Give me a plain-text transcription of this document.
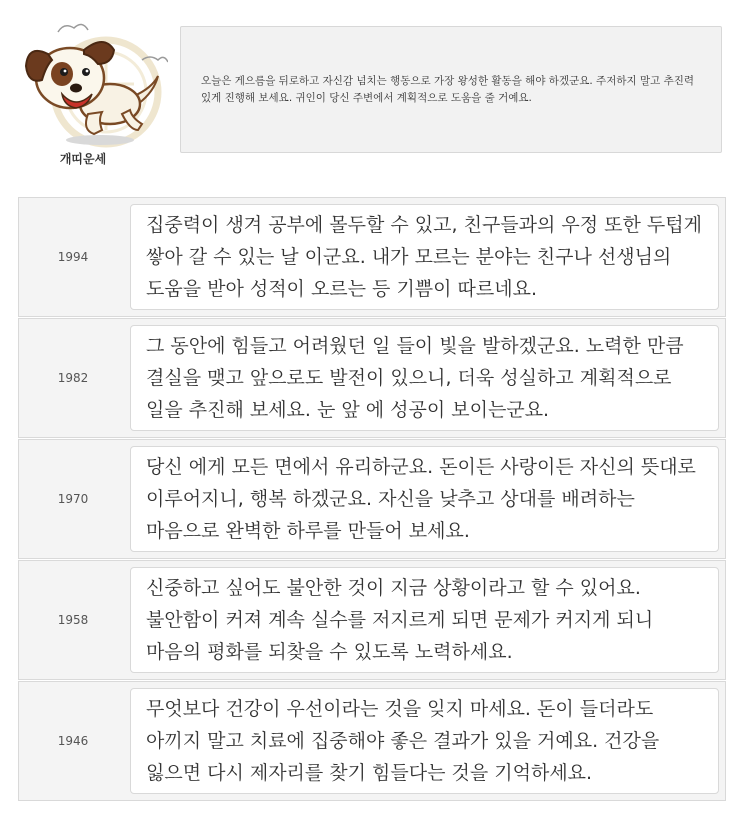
개띠운세
오늘은 게으름을 뒤로하고 자신감 넘치는 행동으로 가장 왕성한 활동을 해야 하겠군요. 주저하지 말고 추진력 있게 진행해 보세요. 귀인이 당신 주변에서 계획적으로 도움을 줄 거예요.
1994
집중력이 생겨 공부에 몰두할 수 있고, 친구들과의 우정 또한 두텁게 쌓아 갈 수 있는 날 이군요. 내가 모르는 분야는 친구나 선생님의 도움을 받아 성적이 오르는 등 기쁨이 따르네요.
1982
그 동안에 힘들고 어려웠던 일 들이 빛을 발하겠군요. 노력한 만큼 결실을 맺고 앞으로도 발전이 있으니, 더욱 성실하고 계획적으로 일을 추진해 보세요. 눈 앞 에 성공이 보이는군요.
1970
당신 에게 모든 면에서 유리하군요. 돈이든 사랑이든 자신의 뜻대로 이루어지니, 행복 하겠군요. 자신을 낮추고 상대를 배려하는 마음으로 완벽한 하루를 만들어 보세요.
1958
신중하고 싶어도 불안한 것이 지금 상황이라고 할 수 있어요. 불안함이 커져 계속 실수를 저지르게 되면 문제가 커지게 되니 마음의 평화를 되찾을 수 있도록 노력하세요.
1946
무엇보다 건강이 우선이라는 것을 잊지 마세요. 돈이 들더라도 아끼지 말고 치료에 집중해야 좋은 결과가 있을 거예요. 건강을 잃으면 다시 제자리를 찾기 힘들다는 것을 기억하세요.
